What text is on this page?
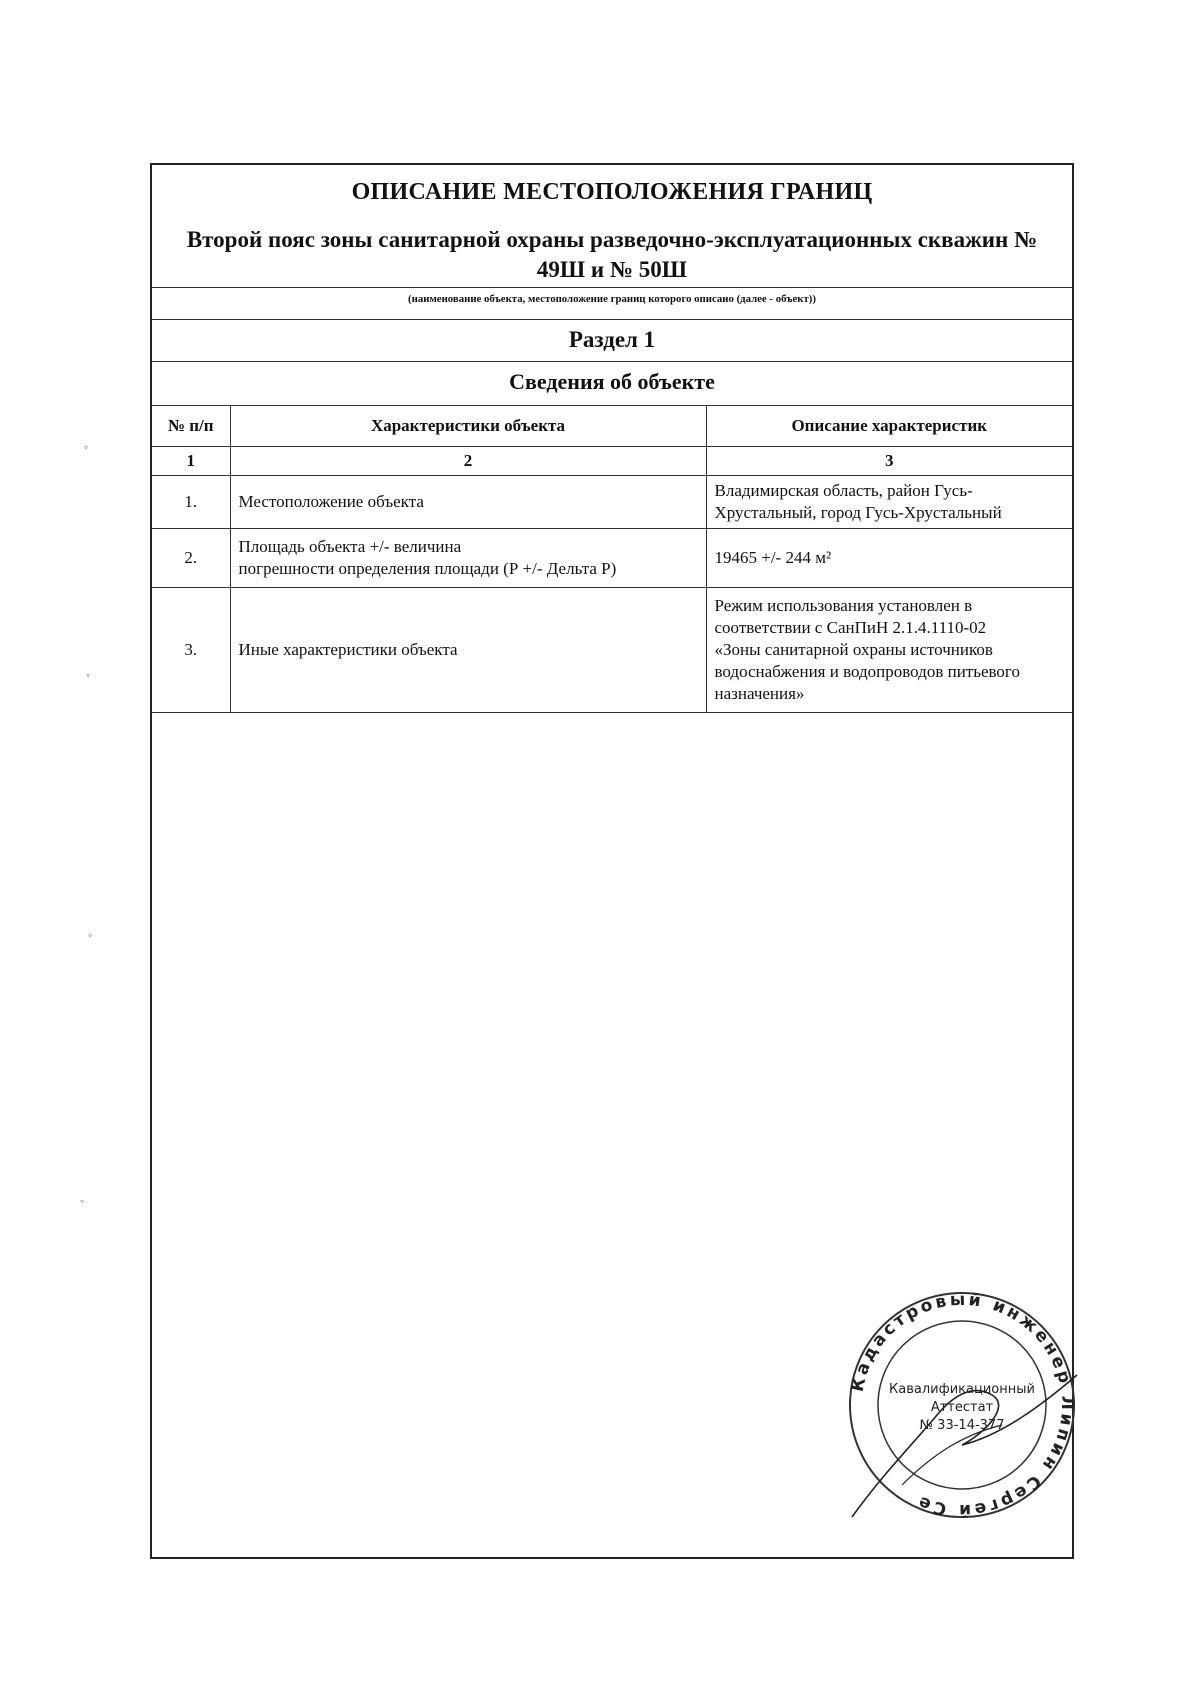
ОПИСАНИЕ МЕСТОПОЛОЖЕНИЯ ГРАНИЦ
Второй пояс зоны санитарной охраны разведочно-эксплуатационных скважин №
49Ш и № 50Ш
(наименование объекта, местоположение границ которого описано (далее - объект))
Раздел 1
Сведения об объекте
№ п/п	Характеристики объекта	Описание характеристик
1	2	3
1.	Местоположение объекта	Владимирская область, район Гусь-
Хрустальный, город Гусь-Хрустальный

2.	Площадь объекта +/- величина
погрешности определения площади (Р +/- Дельта Р)	19465 +/- 244 м²
3.	Иные характеристики объекта	Режим использования установлен в
соответствии с СанПиН 2.1.4.1110-02
«Зоны санитарной охраны источников
водоснабжения и водопроводов питьевого
назначения»
Кадастровый инженер Липин Сергей Се
Кавалификационный
Аттестат
№ 33-14-377
◦
◦
◦
◦
